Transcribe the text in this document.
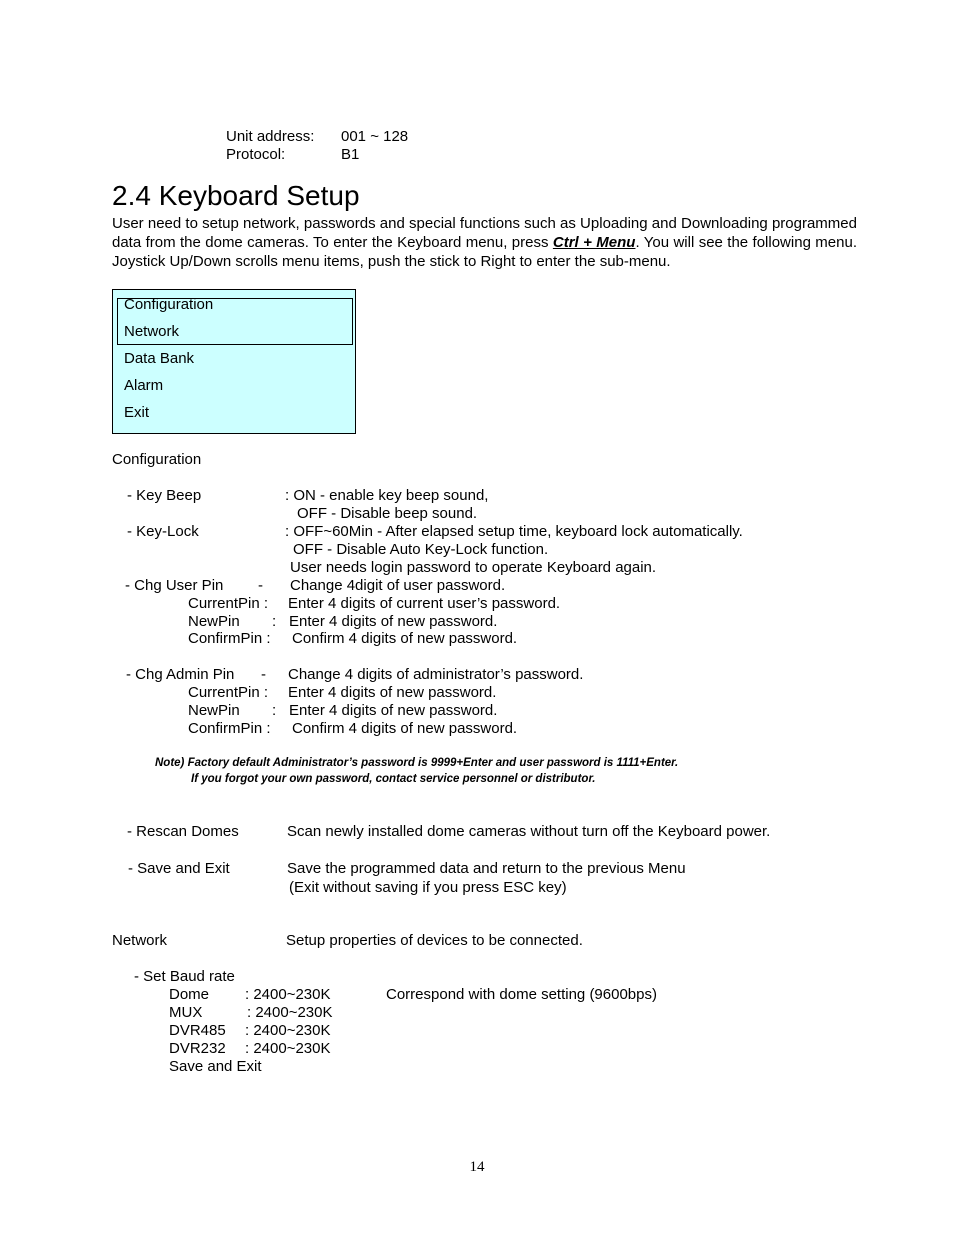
Unit address: 001 ~ 128
Protocol:	B1
2.4 Keyboard Setup
User need to setup network, passwords and special functions such as Uploading and Downloading programmed data from the dome cameras. To enter the Keyboard menu, press Ctrl + Menu. You will see the following menu. Joystick Up/Down scrolls menu items, push the stick to Right to enter the sub-menu.
Configuration
Network
Data Bank
Alarm
Exit
Configuration
- Key Beep	: ON - enable key beep sound,
OFF - Disable beep sound.
- Key-Lock	: OFF~60Min - After elapsed setup time, keyboard lock automatically.
OFF - Disable Auto Key-Lock function.
User needs login password to operate Keyboard again.
- Chg User Pin - Change 4digit of user password.
CurrentPin : Enter 4 digits of current user’s password.
NewPin : Enter 4 digits of new password.
ConfirmPin : Confirm 4 digits of new password.
- Chg Admin Pin - Change 4 digits of administrator’s password.
CurrentPin : Enter 4 digits of new password.
NewPin : Enter 4 digits of new password.
ConfirmPin : Confirm 4 digits of new password.
Note) Factory default Administrator’s password is 9999+Enter and user password is 1111+Enter.
If you forgot your own password, contact service personnel or distributor.
- Rescan Domes	Scan newly installed dome cameras without turn off the Keyboard power.
- Save and Exit	Save the programmed data and return to the previous Menu
(Exit without saving if you press ESC key)
Network	Setup properties of devices to be connected.
- Set Baud rate
Dome : 2400~230K	Correspond with dome setting (9600bps)
MUX	: 2400~230K
DVR485 : 2400~230K
DVR232 : 2400~230K
Save and Exit
14
